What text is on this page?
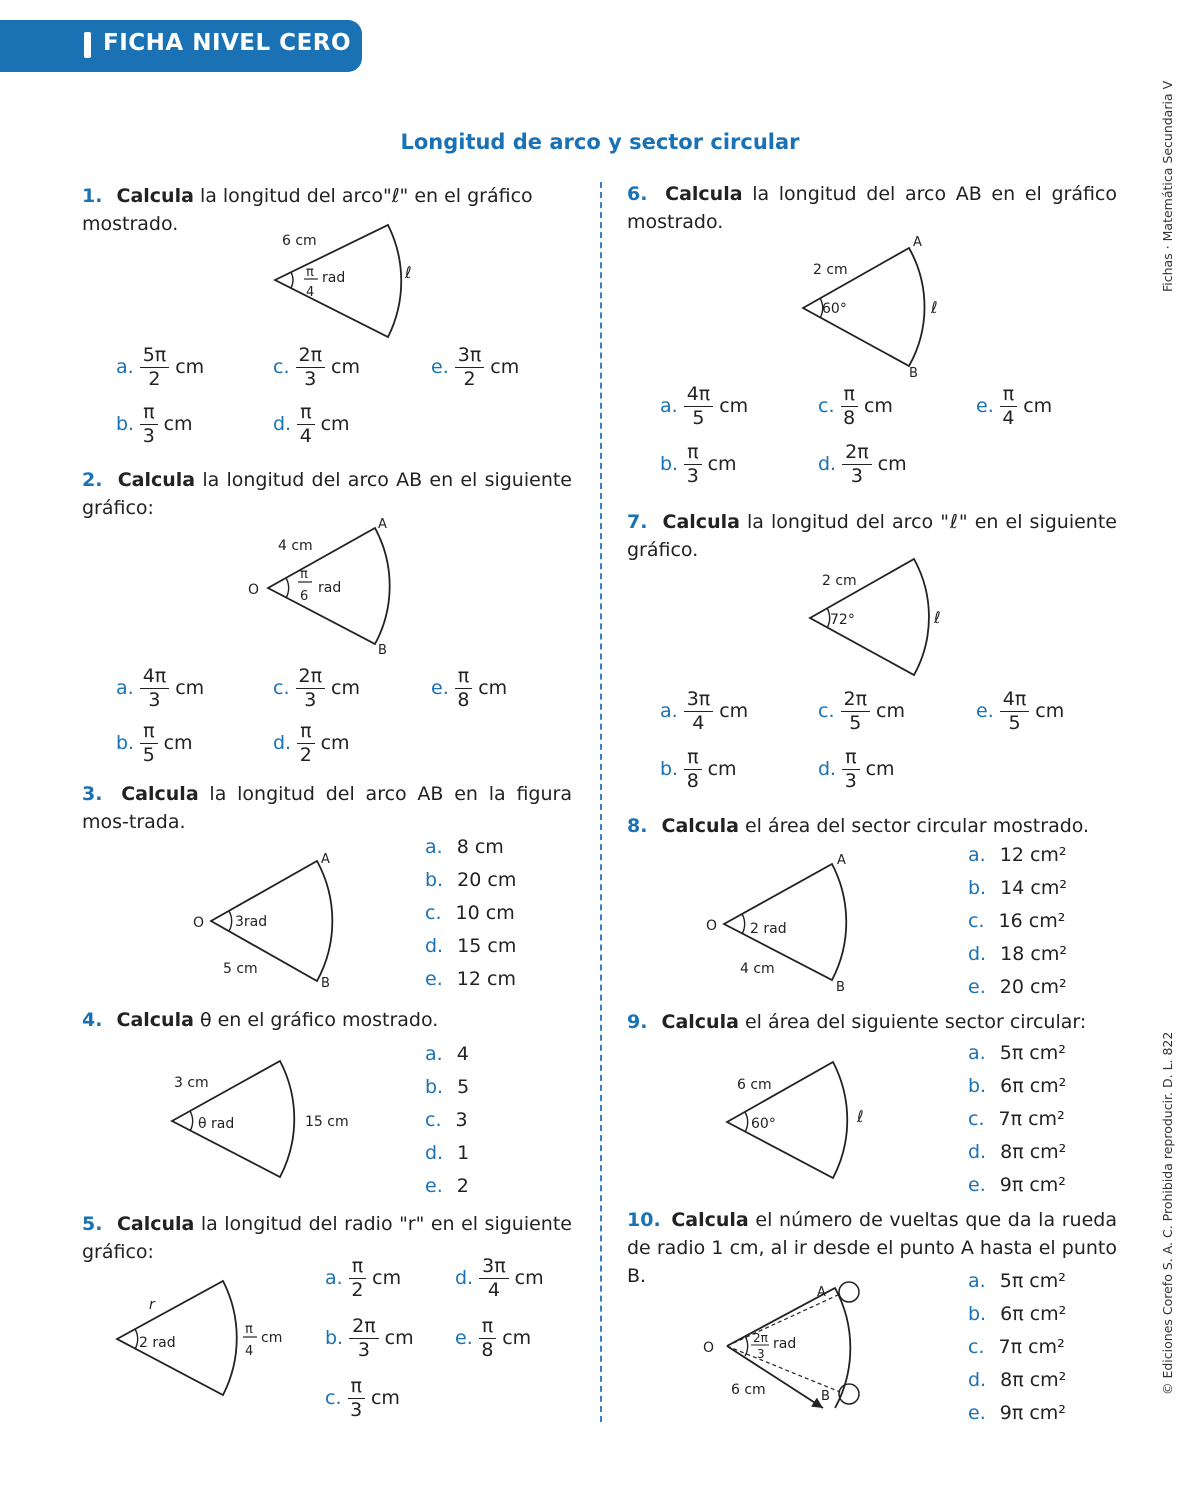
FICHA NIVEL CERO
Fichas · Matemática Secundaria V
© Ediciones Corefo S. A. C. Prohibida reproducir. D. L. 822
Longitud de arco y sector circular
1. Calcula la longitud del arco"ℓ" en el gráfico mostrado.
6 cm
π
4
rad	ℓ
a. $\frac{5\pi}{2}$ cm	c. $\frac{2\pi}{3}$ cm	e. $\frac{3\pi}{2}$ cm
b. $\frac{\pi}{3}$ cm	d. $\frac{\pi}{4}$ cm
2. Calcula la longitud del arco AB en el siguiente gráfico:
O
A
B
4 cm
π
6
rad
a. $\frac{4\pi}{3}$ cm	c. $\frac{2\pi}{3}$ cm	e. $\frac{\pi}{8}$ cm
b. $\frac{\pi}{5}$ cm	d. $\frac{\pi}{2}$ cm
3. Calcula la longitud del arco AB en la figura mos-trada.
O
A
B
3rad
5 cm
a. 8 cm
b. 20 cm
c. 10 cm
d. 15 cm
e. 12 cm
4. Calcula θ en el gráfico mostrado.
3 cm
θ rad	15 cm
a. 4
b. 5
c. 3
d. 1
e. 2
5. Calcula la longitud del radio "r" en el siguiente gráfico:
r
2 rad
π
4
cm
a. $\frac{\pi}{2}$ cm	d. $\frac{3\pi}{4}$ cm
b. $\frac{2\pi}{3}$ cm e. $\frac{\pi}{8}$ cm
c. $\frac{\pi}{3}$ cm
6. Calcula la longitud del arco AB en el gráfico mostrado.
A
B
2 cm
60°	ℓ
a. $\frac{4\pi}{5}$ cm	c. $\frac{\pi}{8}$ cm	e. $\frac{\pi}{4}$ cm
b. $\frac{\pi}{3}$ cm	d. $\frac{2\pi}{3}$ cm
7. Calcula la longitud del arco "ℓ" en el siguiente gráfico.
2 cm
72°	ℓ
a. $\frac{3\pi}{4}$ cm	c. $\frac{2\pi}{5}$ cm	e. $\frac{4\pi}{5}$ cm
b. $\frac{\pi}{8}$ cm	d. $\frac{\pi}{3}$ cm
8. Calcula el área del sector circular mostrado.
O
A
B
2 rad
4 cm
a. 12 cm²
b. 14 cm²
c. 16 cm²
d. 18 cm²
e. 20 cm²
9. Calcula el área del siguiente sector circular:
6 cm
60°	ℓ
a. 5π cm²
b. 6π cm²
c. 7π cm²
d. 8π cm²
e. 9π cm²
10. Calcula el número de vueltas que da la rueda de radio 1 cm, al ir desde el punto A hasta el punto B.
O
A
B
2π
3
rad
6 cm
a. 5π cm²
b. 6π cm²
c. 7π cm²
d. 8π cm²
e. 9π cm²
